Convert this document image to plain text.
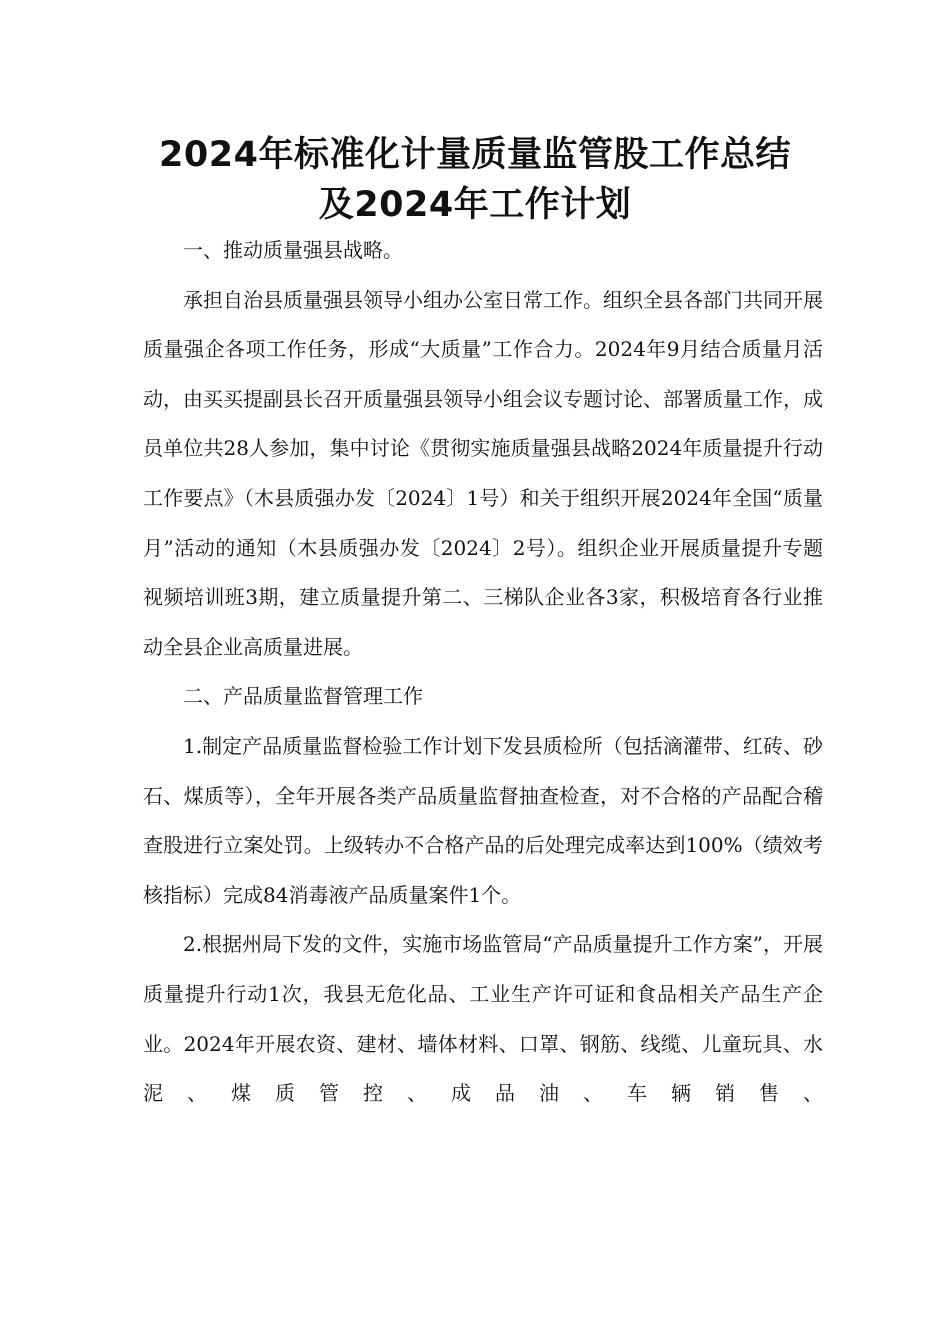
2024年标准化计量质量监管股工作总结
及2024年工作计划

一、推动质量强县战略。

承担自治县质量强县领导小组办公室日常工作。组织全县各部门共同开展质量强企各项工作任务，形成“大质量”工作合力。2024年9月结合质量月活动，由买买提副县长召开质量强县领导小组会议专题讨论、部署质量工作，成员单位共28人参加，集中讨论《贯彻实施质量强县战略2024年质量提升行动工作要点》（木县质强办发〔2024〕1号）和关于组织开展2024年全国“质量月”活动的通知（木县质强办发〔2024〕2号）。组织企业开展质量提升专题视频培训班3期，建立质量提升第二、三梯队企业各3家，积极培育各行业推动全县企业高质量进展。

二、产品质量监督管理工作

1.制定产品质量监督检验工作计划下发县质检所（包括滴灌带、红砖、砂石、煤质等），全年开展各类产品质量监督抽查检查，对不合格的产品配合稽查股进行立案处罚。上级转办不合格产品的后处理完成率达到100%（绩效考核指标）完成84消毒液产品质量案件1个。

2.根据州局下发的文件，实施市场监管局“产品质量提升工作方案”，开展质量提升行动1次，我县无危化品、工业生产许可证和食品相关产品生产企业。2024年开展农资、建材、墙体材料、口罩、钢筋、线缆、儿童玩具、水泥、煤质管控、成品油、车辆销售、
